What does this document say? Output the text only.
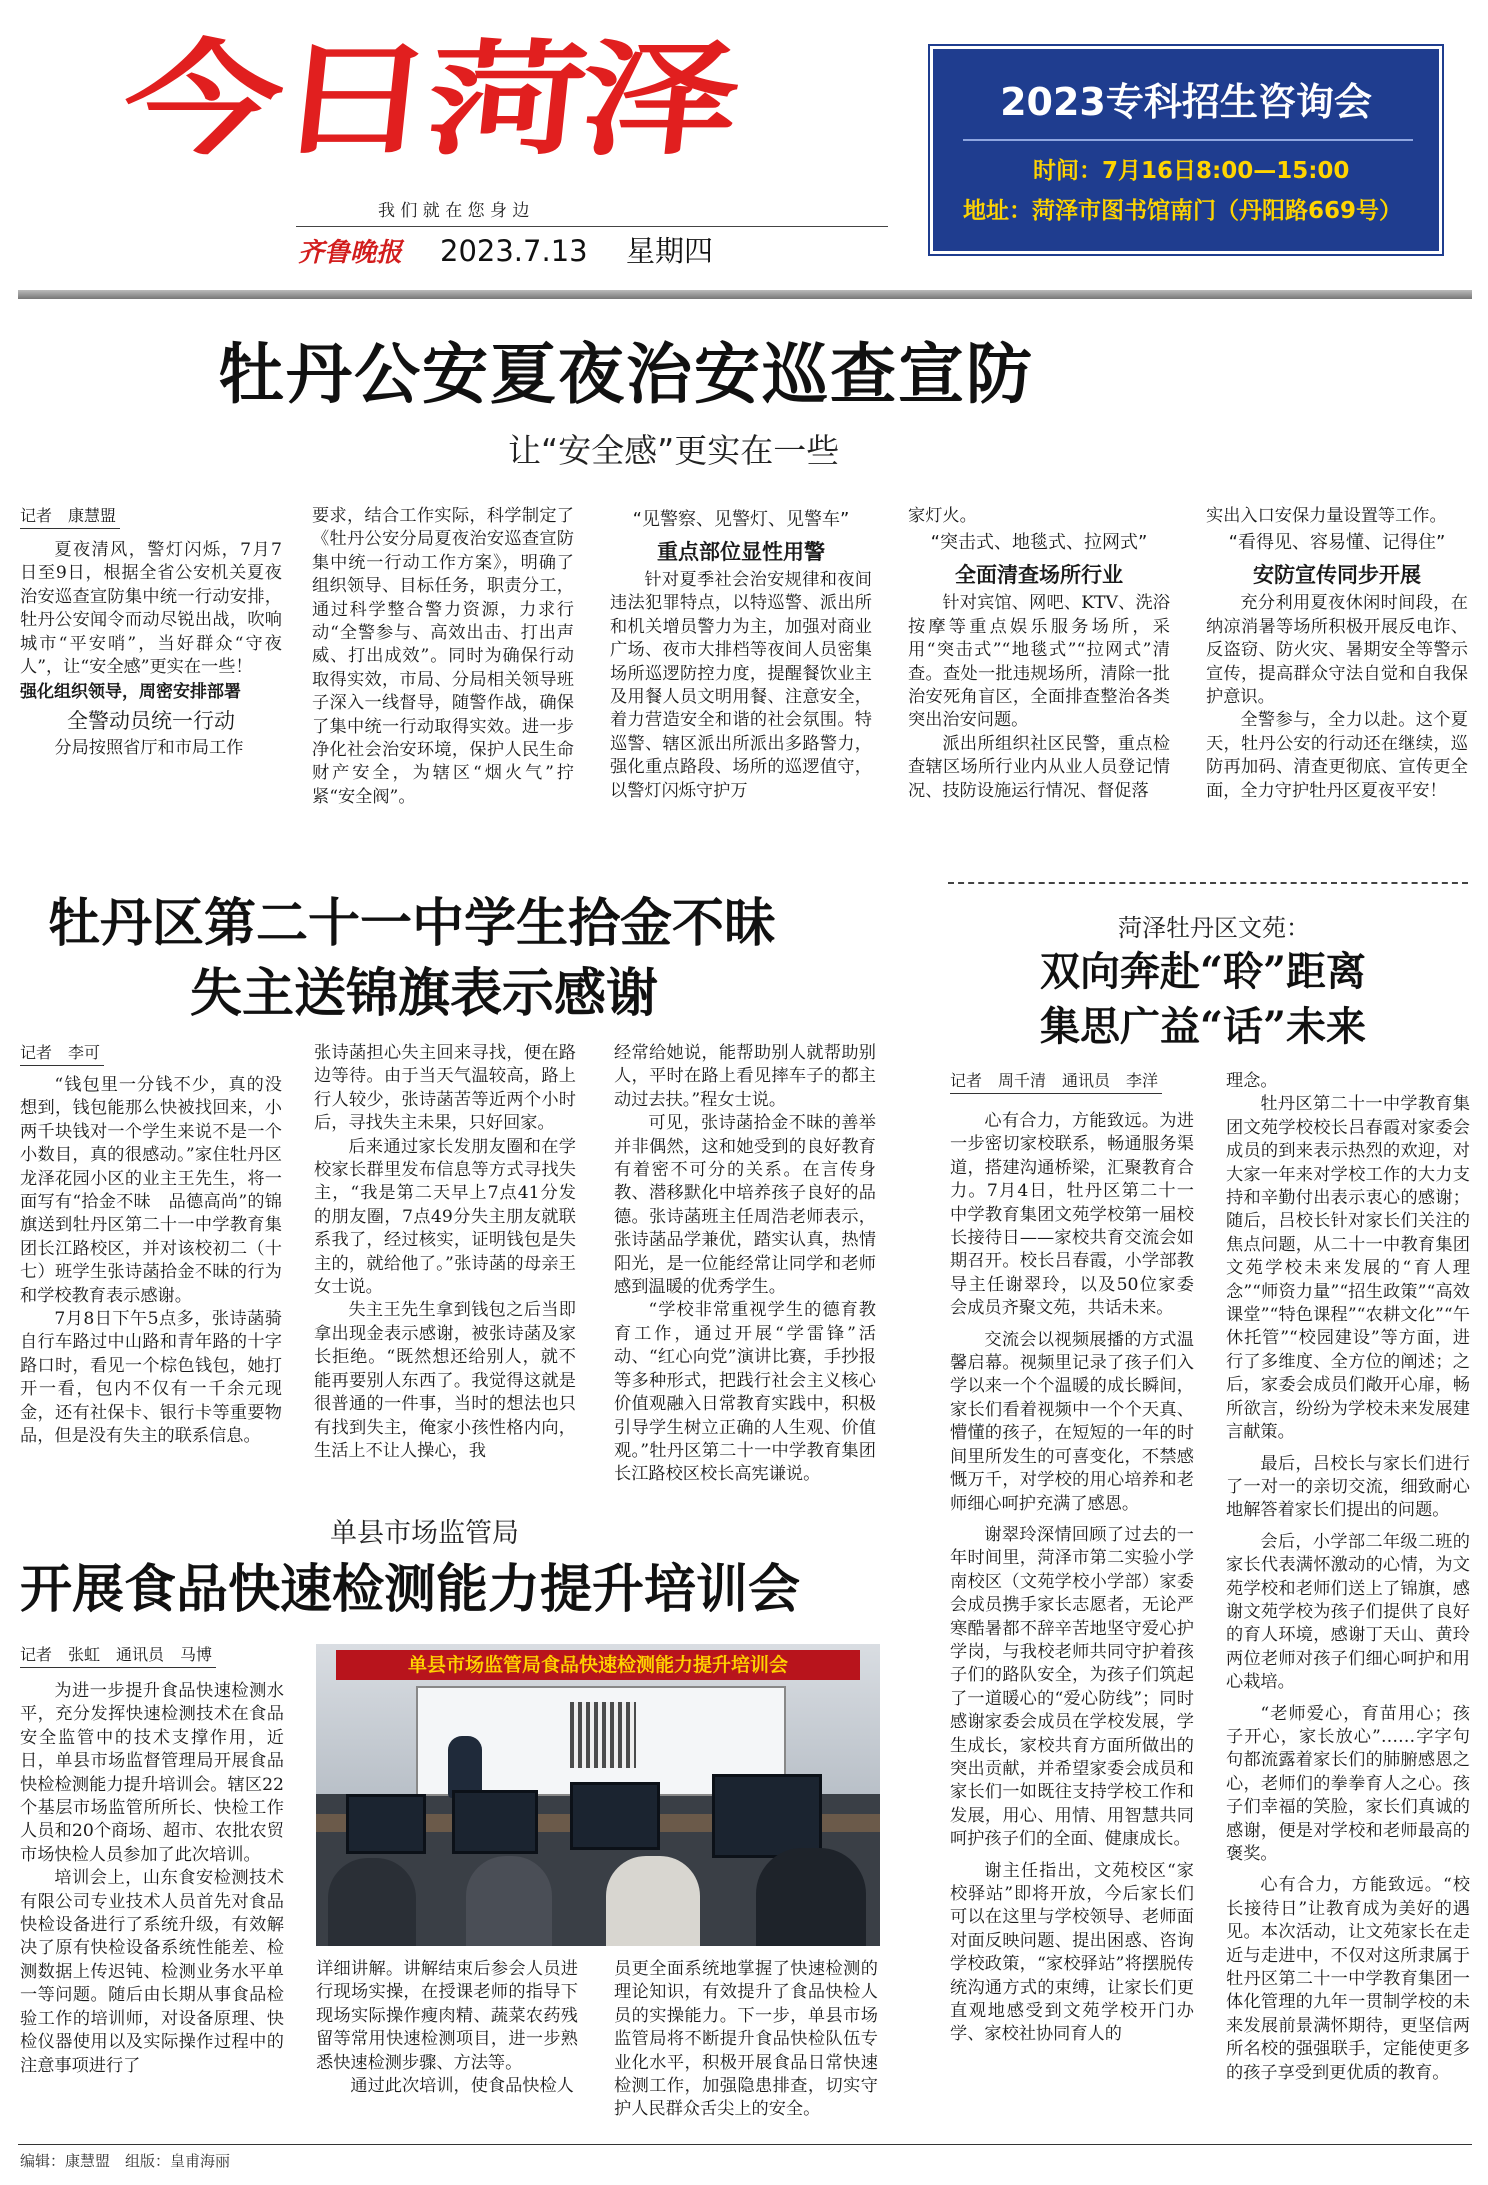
今日菏泽
我 们 就 在 您 身 边
齐鲁晚报 2023.7.13 星期四
2023专科招生咨询会
时间：7月16日8:00—15:00
地址：菏泽市图书馆南门（丹阳路669号）
牡丹公安夏夜治安巡查宣防
让“安全感”更实在一些

记者　康慧盟

夏夜清风，警灯闪烁，7月7日至9日，根据全省公安机关夏夜治安巡查宣防集中统一行动安排，牡丹公安闻令而动尽锐出战，吹响城市“平安哨”，当好群众“守夜人”，让“安全感”更实在一些！

强化组织领导，周密安排部署

全警动员统一行动

分局按照省厅和市局工作

要求，结合工作实际，科学制定了《牡丹公安分局夏夜治安巡查宣防集中统一行动工作方案》，明确了组织领导、目标任务，职责分工，通过科学整合警力资源，力求行动“全警参与、高效出击、打出声威、打出成效”。同时为确保行动取得实效，市局、分局相关领导班子深入一线督导，随警作战，确保了集中统一行动取得实效。进一步净化社会治安环境，保护人民生命财产安全，为辖区“烟火气”拧紧“安全阀”。

“见警察、见警灯、见警车”

重点部位显性用警

针对夏季社会治安规律和夜间违法犯罪特点，以特巡警、派出所和机关增员警力为主，加强对商业广场、夜市大排档等夜间人员密集场所巡逻防控力度，提醒餐饮业主及用餐人员文明用餐、注意安全，着力营造安全和谐的社会氛围。特巡警、辖区派出所派出多路警力，强化重点路段、场所的巡逻值守，以警灯闪烁守护万

家灯火。

“突击式、地毯式、拉网式”

全面清查场所行业

针对宾馆、网吧、KTV、洗浴按摩等重点娱乐服务场所，采用“突击式”“地毯式”“拉网式”清查。查处一批违规场所，清除一批治安死角盲区，全面排查整治各类突出治安问题。

派出所组织社区民警，重点检查辖区场所行业内从业人员登记情况、技防设施运行情况、督促落

实出入口安保力量设置等工作。

“看得见、容易懂、记得住”

安防宣传同步开展

充分利用夏夜休闲时间段，在纳凉消暑等场所积极开展反电诈、反盗窃、防火灾、暑期安全等警示宣传，提高群众守法自觉和自我保护意识。

全警参与，全力以赴。这个夏天，牡丹公安的行动还在继续，巡防再加码、清查更彻底、宣传更全面，全力守护牡丹区夏夜平安！

牡丹区第二十一中学生拾金不昧
失主送锦旗表示感谢

记者　李可

“钱包里一分钱不少，真的没想到，钱包能那么快被找回来，小两千块钱对一个学生来说不是一个小数目，真的很感动。”家住牡丹区龙泽花园小区的业主王先生，将一面写有“拾金不昧　品德高尚”的锦旗送到牡丹区第二十一中学教育集团长江路校区，并对该校初二（十七）班学生张诗菡拾金不昧的行为和学校教育表示感谢。

7月8日下午5点多，张诗菡骑自行车路过中山路和青年路的十字路口时，看见一个棕色钱包，她打开一看，包内不仅有一千余元现金，还有社保卡、银行卡等重要物品，但是没有失主的联系信息。

张诗菡担心失主回来寻找，便在路边等待。由于当天气温较高，路上行人较少，张诗菡苦等近两个小时后，寻找失主未果，只好回家。

后来通过家长发朋友圈和在学校家长群里发布信息等方式寻找失主，“我是第二天早上7点41分发的朋友圈，7点49分失主朋友就联系我了，经过核实，证明钱包是失主的，就给他了。”张诗菡的母亲王女士说。

失主王先生拿到钱包之后当即拿出现金表示感谢，被张诗菡及家长拒绝。“既然想还给别人，就不能再要别人东西了。我觉得这就是很普通的一件事，当时的想法也只有找到失主，俺家小孩性格内向，生活上不让人操心，我

经常给她说，能帮助别人就帮助别人，平时在路上看见摔车子的都主动过去扶。”程女士说。

可见，张诗菡拾金不昧的善举并非偶然，这和她受到的良好教育有着密不可分的关系。在言传身教、潜移默化中培养孩子良好的品德。张诗菡班主任周浩老师表示，张诗菡品学兼优，踏实认真，热情阳光，是一位能经常让同学和老师感到温暖的优秀学生。

“学校非常重视学生的德育教育工作，通过开展“学雷锋”活动、“红心向党”演讲比赛，手抄报等多种形式，把践行社会主义核心价值观融入日常教育实践中，积极引导学生树立正确的人生观、价值观。”牡丹区第二十一中学教育集团长江路校区校长高宪谦说。

菏泽牡丹区文苑：
双向奔赴“聆”距离
集思广益“话”未来

记者　周千清　通讯员　李洋

心有合力，方能致远。为进一步密切家校联系，畅通服务渠道，搭建沟通桥梁，汇聚教育合力。7月4日，牡丹区第二十一中学教育集团文苑学校第一届校长接待日——家校共育交流会如期召开。校长吕春霞，小学部教导主任谢翠玲，以及50位家委会成员齐聚文苑，共话未来。

交流会以视频展播的方式温馨启幕。视频里记录了孩子们入学以来一个个温暖的成长瞬间，家长们看着视频中一个个天真、懵懂的孩子，在短短的一年的时间里所发生的可喜变化，不禁感慨万千，对学校的用心培养和老师细心呵护充满了感恩。

谢翠玲深情回顾了过去的一年时间里，菏泽市第二实验小学南校区（文苑学校小学部）家委会成员携手家长志愿者，无论严寒酷暑都不辞辛苦地坚守爱心护学岗，与我校老师共同守护着孩子们的路队安全，为孩子们筑起了一道暖心的“爱心防线”；同时感谢家委会成员在学校发展，学生成长，家校共育方面所做出的突出贡献，并希望家委会成员和家长们一如既往支持学校工作和发展，用心、用情、用智慧共同呵护孩子们的全面、健康成长。

谢主任指出，文苑校区“家校驿站”即将开放，今后家长们可以在这里与学校领导、老师面对面反映问题、提出困惑、咨询学校政策，“家校驿站”将摆脱传统沟通方式的束缚，让家长们更直观地感受到文苑学校开门办学、家校社协同育人的

理念。

牡丹区第二十一中学教育集团文苑学校校长吕春霞对家委会成员的到来表示热烈的欢迎，对大家一年来对学校工作的大力支持和辛勤付出表示衷心的感谢；随后，吕校长针对家长们关注的焦点问题，从二十一中教育集团文苑学校未来发展的“育人理念”“师资力量”“招生政策”“高效课堂”“特色课程”“农耕文化”“午休托管”“校园建设”等方面，进行了多维度、全方位的阐述；之后，家委会成员们敞开心扉，畅所欲言，纷纷为学校未来发展建言献策。

最后，吕校长与家长们进行了一对一的亲切交流，细致耐心地解答着家长们提出的问题。

会后，小学部二年级二班的家长代表满怀激动的心情，为文苑学校和老师们送上了锦旗，感谢文苑学校为孩子们提供了良好的育人环境，感谢丁天山、黄玲两位老师对孩子们细心呵护和用心栽培。

“老师爱心，育苗用心；孩子开心，家长放心”……字字句句都流露着家长们的肺腑感恩之心，老师们的拳拳育人之心。孩子们幸福的笑脸，家长们真诚的感谢，便是对学校和老师最高的褒奖。

心有合力，方能致远。“校长接待日”让教育成为美好的遇见。本次活动，让文苑家长在走近与走进中，不仅对这所隶属于牡丹区第二十一中学教育集团一体化管理的九年一贯制学校的未来发展前景满怀期待，更坚信两所名校的强强联手，定能使更多的孩子享受到更优质的教育。

单县市场监管局
开展食品快速检测能力提升培训会

记者　张虹　通讯员　马博

为进一步提升食品快速检测水平，充分发挥快速检测技术在食品安全监管中的技术支撑作用，近日，单县市场监督管理局开展食品快检检测能力提升培训会。辖区22个基层市场监管所所长、快检工作人员和20个商场、超市、农批农贸市场快检人员参加了此次培训。

培训会上，山东食安检测技术有限公司专业技术人员首先对食品快检设备进行了系统升级，有效解决了原有快检设备系统性能差、检测数据上传迟钝、检测业务水平单一等问题。随后由长期从事食品检验工作的培训师，对设备原理、快检仪器使用以及实际操作过程中的注意事项进行了

单县市场监管局食品快速检测能力提升培训会

详细讲解。讲解结束后参会人员进行现场实操，在授课老师的指导下现场实际操作瘦肉精、蔬菜农药残留等常用快速检测项目，进一步熟悉快速检测步骤、方法等。

通过此次培训，使食品快检人

员更全面系统地掌握了快速检测的理论知识，有效提升了食品快检人员的实操能力。下一步，单县市场监管局将不断提升食品快检队伍专业化水平，积极开展食品日常快速检测工作，加强隐患排查，切实守护人民群众舌尖上的安全。

编辑：康慧盟　组版：皇甫海丽
